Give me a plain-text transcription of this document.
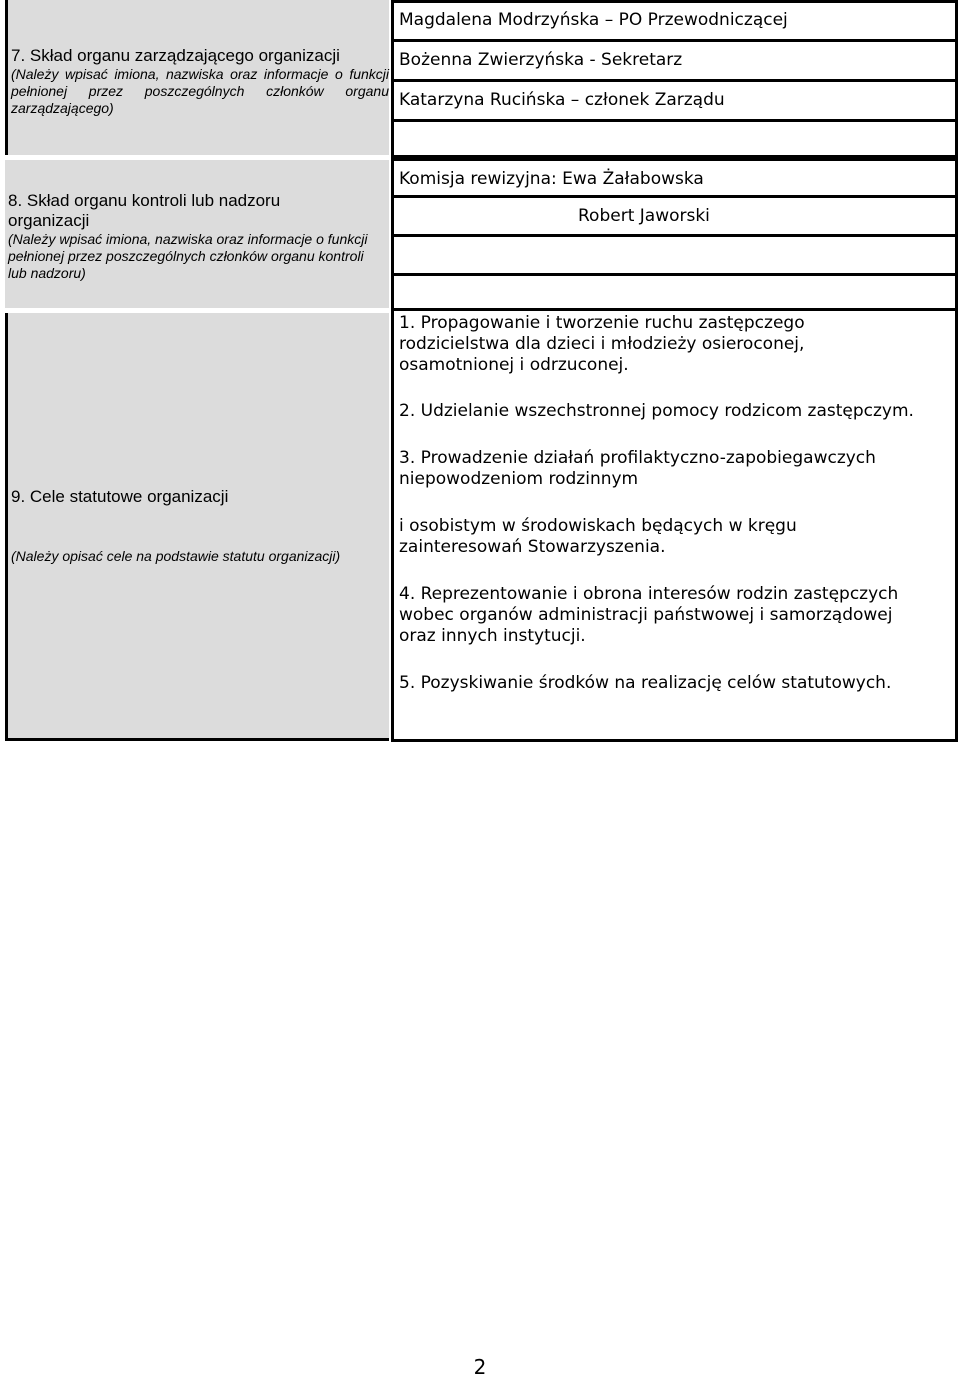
7. Skład organu zarządzającego organizacji
(Należy wpisać imiona, nazwiska oraz informacje o funkcji pełnionej przez poszczególnych członków organu zarządzającego)
8. Skład organu kontroli lub nadzoru organizacji
(Należy wpisać imiona, nazwiska oraz informacje o funkcji pełnionej przez poszczególnych członków organu kontroli lub nadzoru)
9. Cele statutowe organizacji
(Należy opisać cele na podstawie statutu organizacji)
Magdalena Modrzyńska – PO Przewodniczącej
Bożenna Zwierzyńska - Sekretarz
Katarzyna Rucińska – członek Zarządu
Komisja rewizyjna: Ewa Żałabowska
Robert Jaworski
1. Propagowanie i tworzenie ruchu zastępczego
rodzicielstwa dla dzieci i młodzieży osieroconej,
osamotnionej i odrzuconej.
2. Udzielanie wszechstronnej pomocy rodzicom zastępczym.
3. Prowadzenie działań profilaktyczno-zapobiegawczych
niepowodzeniom rodzinnym
i osobistym w środowiskach będących w kręgu
zainteresowań Stowarzyszenia.
4. Reprezentowanie i obrona interesów rodzin zastępczych
wobec organów administracji państwowej i samorządowej
oraz innych instytucji.
5. Pozyskiwanie środków na realizację celów statutowych.
2
